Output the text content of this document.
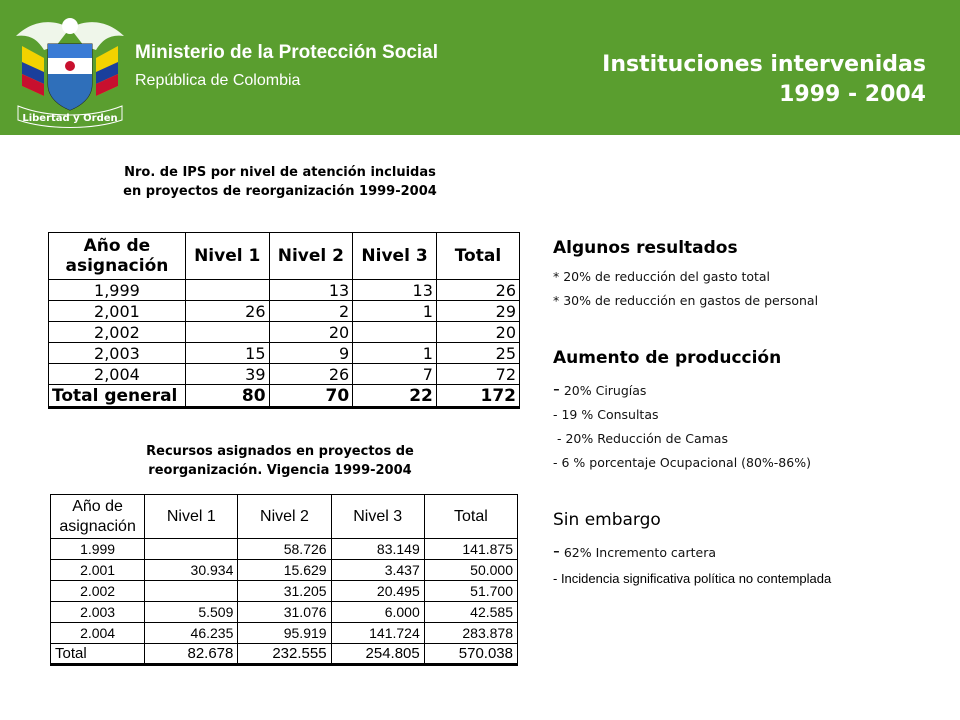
Libertad y Orden
Ministerio de la Protección Social
República de Colombia
Instituciones intervenidas
1999 - 2004
Nro. de IPS por nivel de atención incluidas
en proyectos de reorganización 1999-2004
Año de
asignación	Nivel 1	Nivel 2	Nivel 3	Total
1,999		13	13	26
2,001	26	2	1	29
2,002		20		20
2,003	15	9	1	25
2,004	39	26	7	72
Total general	80	70	22	172
Recursos asignados en proyectos de
reorganización. Vigencia 1999-2004
Año de
asignación	Nivel 1	Nivel 2	Nivel 3	Total
1.999		58.726	83.149	141.875
2.001	30.934	15.629	3.437	50.000
2.002		31.205	20.495	51.700
2.003	5.509	31.076	6.000	42.585
2.004	46.235	95.919	141.724	283.878
Total	82.678	232.555	254.805	570.038
Algunos resultados
* 20% de reducción del gasto total
* 30% de reducción en gastos de personal
Aumento de producción
- 20% Cirugías
- 19 % Consultas
- 20% Reducción de Camas
- 6 % porcentaje Ocupacional (80%-86%)
Sin embargo
- 62% Incremento cartera
- Incidencia significativa política no contemplada
